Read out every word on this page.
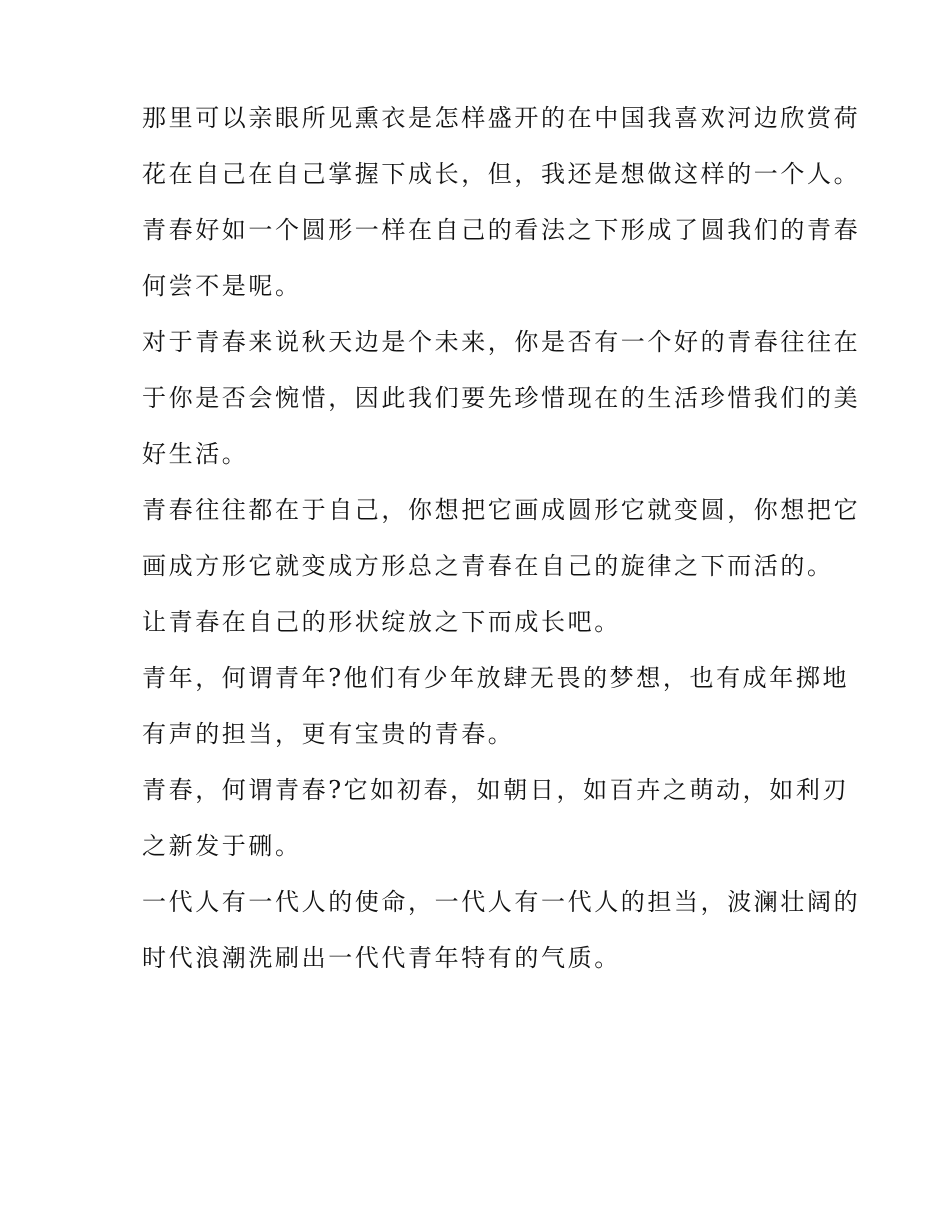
那里可以亲眼所见熏衣是怎样盛开的在中国我喜欢河边欣赏荷
花在自己在自己掌握下成长，但，我还是想做这样的一个人。
青春好如一个圆形一样在自己的看法之下形成了圆我们的青春
何尝不是呢。
对于青春来说秋天边是个未来，你是否有一个好的青春往往在
于你是否会惋惜，因此我们要先珍惜现在的生活珍惜我们的美
好生活。
青春往往都在于自己，你想把它画成圆形它就变圆，你想把它
画成方形它就变成方形总之青春在自己的旋律之下而活的。
让青春在自己的形状绽放之下而成长吧。
青年，何谓青年?他们有少年放肆无畏的梦想，也有成年掷地
有声的担当，更有宝贵的青春。
青春，何谓青春?它如初春，如朝日，如百卉之萌动，如利刃
之新发于硎。
一代人有一代人的使命，一代人有一代人的担当，波澜壮阔的
时代浪潮洗刷出一代代青年特有的气质。
